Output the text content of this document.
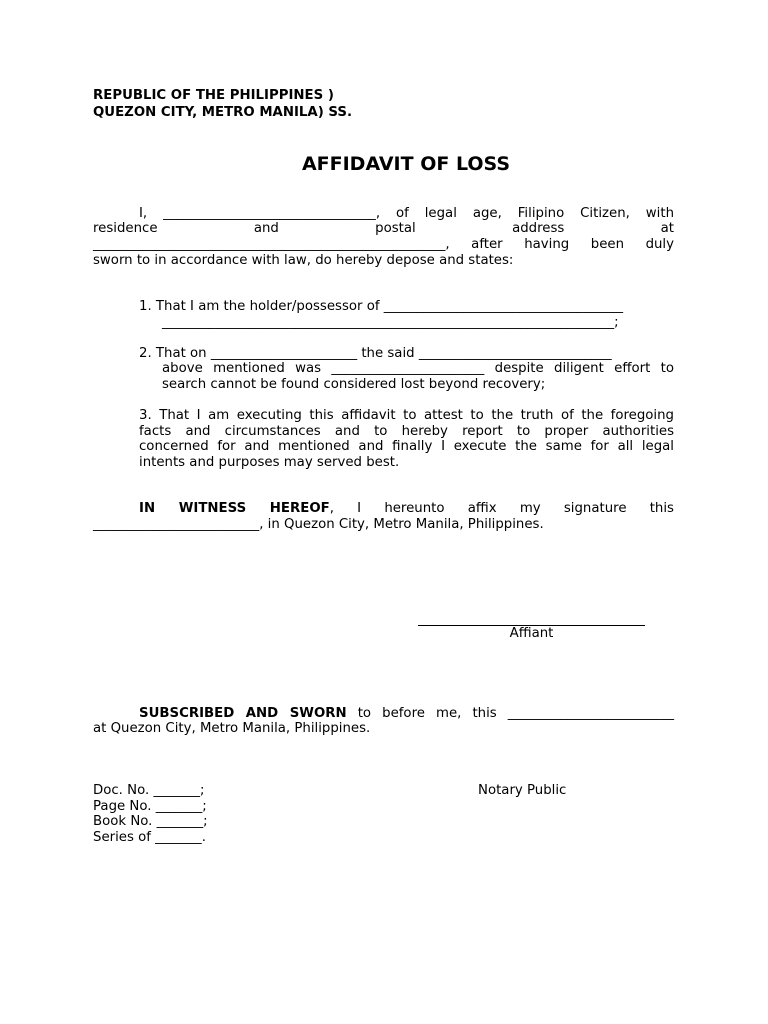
REPUBLIC OF THE PHILIPPINES )
QUEZON CITY, METRO MANILA) SS.
AFFIDAVIT OF LOSS
I, ________________________________, of legal age, Filipino Citizen, with
residence and postal address at
_____________________________________________________, after having been duly
sworn to in accordance with law, do hereby depose and states:
1. That I am the holder/possessor of ____________________________________
____________________________________________________________________;
2. That on ______________________ the said _____________________________
above mentioned was _______________________ despite diligent effort to
search cannot be found considered lost beyond recovery;
3. That I am executing this affidavit to attest to the truth of the foregoing
facts and circumstances and to hereby report to proper authorities
concerned for and mentioned and finally I execute the same for all legal
intents and purposes may served best.
IN WITNESS HEREOF, I hereunto affix my signature this
_________________________, in Quezon City, Metro Manila, Philippines.
Affiant
SUBSCRIBED AND SWORN to before me, this _________________________
at Quezon City, Metro Manila, Philippines.
Doc. No. _______;	Notary Public
Page No. _______;
Book No. _______;
Series of _______.
